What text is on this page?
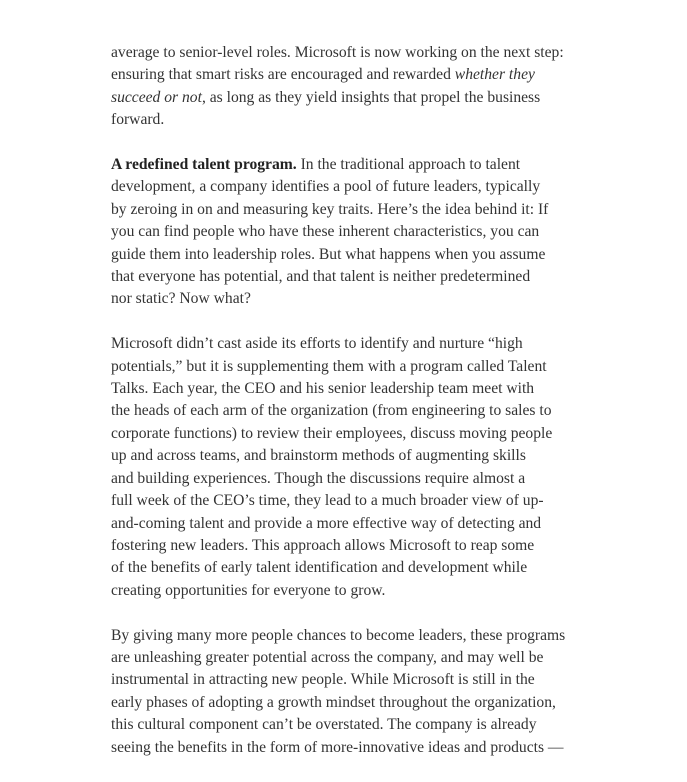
average to senior-level roles. Microsoft is now working on the next step:
ensuring that smart risks are encouraged and rewarded whether they
succeed or not, as long as they yield insights that propel the business
forward.

A redefined talent program. In the traditional approach to talent
development, a company identifies a pool of future leaders, typically
by zeroing in on and measuring key traits. Here’s the idea behind it: If
you can find people who have these inherent characteristics, you can
guide them into leadership roles. But what happens when you assume
that everyone has potential, and that talent is neither predetermined
nor static? Now what?

Microsoft didn’t cast aside its efforts to identify and nurture “high
potentials,” but it is supplementing them with a program called Talent
Talks. Each year, the CEO and his senior leadership team meet with
the heads of each arm of the organization (from engineering to sales to
corporate functions) to review their employees, discuss moving people
up and across teams, and brainstorm methods of augmenting skills
and building experiences. Though the discussions require almost a
full week of the CEO’s time, they lead to a much broader view of up-
and-coming talent and provide a more effective way of detecting and
fostering new leaders. This approach allows Microsoft to reap some
of the benefits of early talent identification and development while
creating opportunities for everyone to grow.

By giving many more people chances to become leaders, these programs
are unleashing greater potential across the company, and may well be
instrumental in attracting new people. While Microsoft is still in the
early phases of adopting a growth mindset throughout the organization,
this cultural component can’t be overstated. The company is already
seeing the benefits in the form of more-innovative ideas and products —
